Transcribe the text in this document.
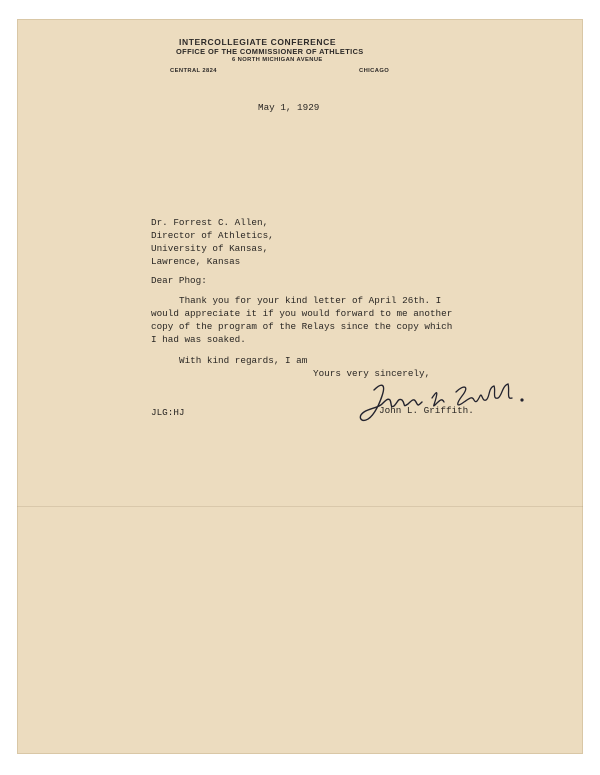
INTERCOLLEGIATE CONFERENCE
OFFICE OF THE COMMISSIONER OF ATHLETICS
6 NORTH MICHIGAN AVENUE
CENTRAL 2824	CHICAGO
May 1, 1929
Dr. Forrest C. Allen,
Director of Athletics,
University of Kansas,
Lawrence, Kansas
Dear Phog:
Thank you for your kind letter of April 26th. I
would appreciate it if you would forward to me another
copy of the program of the Relays since the copy which
I had was soaked.
With kind regards, I am
Yours very sincerely,
John L. Griffith.
JLG:HJ
